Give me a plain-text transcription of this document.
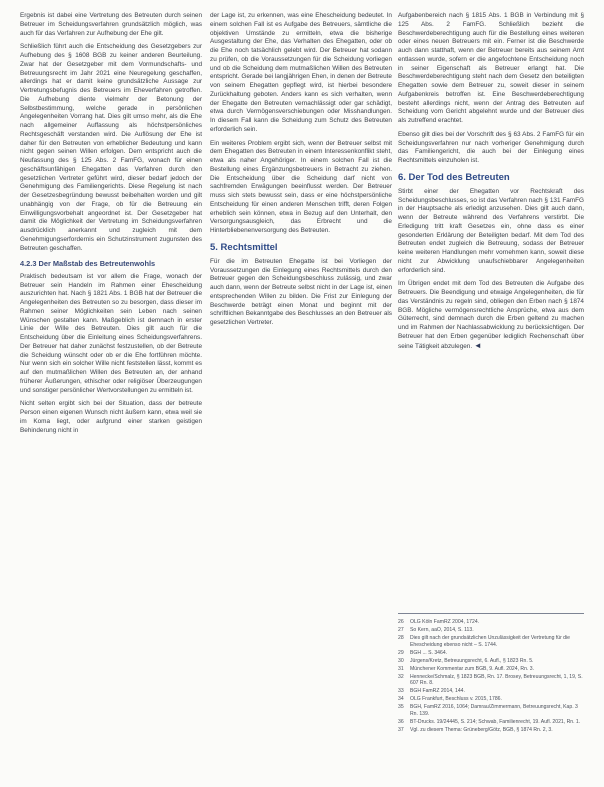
Ergebnis ist dabei eine Vertretung des Betreuten durch seinen Betreuer im Scheidungsverfahren grundsätzlich möglich, was auch für das Verfahren zur Aufhebung der Ehe gilt.

Schließlich führt auch die Entscheidung des Gesetzgebers zur Aufhebung des § 1608 BGB zu keiner anderen Beurteilung. Zwar hat der Gesetzgeber mit dem Vormundschafts- und Betreuungsrecht im Jahr 2021 eine Neuregelung geschaffen, allerdings hat er damit keine grundsätzliche Aussage zur Vertretungsbefugnis des Betreuers im Eheverfahren getroffen. Die Aufhebung diente vielmehr der Betonung der Selbstbestimmung, welche gerade in persönlichen Angelegenheiten Vorrang hat. Dies gilt umso mehr, als die Ehe nach allgemeiner Auffassung als höchstpersönliches Rechtsgeschäft verstanden wird. Die Auflösung der Ehe ist daher für den Betreuten von erheblicher Bedeutung und kann nicht gegen seinen Willen erfolgen. Dem entspricht auch die Neufassung des § 125 Abs. 2 FamFG, wonach für einen geschäftsunfähigen Ehegatten das Verfahren durch den gesetzlichen Vertreter geführt wird, dieser bedarf jedoch der Genehmigung des Familiengerichts. Diese Regelung ist nach der Gesetzesbegründung bewusst beibehalten worden und gilt unabhängig von der Frage, ob für die Betreuung ein Einwilligungsvorbehalt angeordnet ist. Der Gesetzgeber hat damit die Möglichkeit der Vertretung im Scheidungsverfahren ausdrücklich anerkannt und zugleich mit dem Genehmigungserfordernis ein Schutzinstrument zugunsten des Betreuten geschaffen.

4.2.3 Der Maßstab des Betreutenwohls

Praktisch bedeutsam ist vor allem die Frage, wonach der Betreuer sein Handeln im Rahmen einer Ehescheidung auszurichten hat. Nach § 1821 Abs. 1 BGB hat der Betreuer die Angelegenheiten des Betreuten so zu besorgen, dass dieser im Rahmen seiner Möglichkeiten sein Leben nach seinen Wünschen gestalten kann. Maßgeblich ist demnach in erster Linie der Wille des Betreuten. Dies gilt auch für die Entscheidung über die Einleitung eines Scheidungsverfahrens. Der Betreuer hat daher zunächst festzustellen, ob der Betreute die Scheidung wünscht oder ob er die Ehe fortführen möchte. Nur wenn sich ein solcher Wille nicht feststellen lässt, kommt es auf den mutmaßlichen Willen des Betreuten an, der anhand früherer Äußerungen, ethischer oder religiöser Überzeugungen und sonstiger persönlicher Wertvorstellungen zu ermitteln ist.

Nicht selten ergibt sich bei der Situation, dass der betreute Person einen eigenen Wunsch nicht äußern kann, etwa weil sie im Koma liegt, oder aufgrund einer starken geistigen Behinderung nicht in

der Lage ist, zu erkennen, was eine Ehescheidung bedeutet. In einem solchen Fall ist es Aufgabe des Betreuers, sämtliche die objektiven Umstände zu ermitteln, etwa die bisherige Ausgestaltung der Ehe, das Verhalten des Ehegatten, oder ob die Ehe noch tatsächlich gelebt wird. Der Betreuer hat sodann zu prüfen, ob die Voraussetzungen für die Scheidung vorliegen und ob die Scheidung dem mutmaßlichen Willen des Betreuten entspricht. Gerade bei langjährigen Ehen, in denen der Betreute von seinem Ehegatten gepflegt wird, ist hierbei besondere Zurückhaltung geboten. Anders kann es sich verhalten, wenn der Ehegatte den Betreuten vernachlässigt oder gar schädigt, etwa durch Vermögensverschiebungen oder Misshandlungen. In diesem Fall kann die Scheidung zum Schutz des Betreuten erforderlich sein.

Ein weiteres Problem ergibt sich, wenn der Betreuer selbst mit dem Ehegatten des Betreuten in einem Interessenkonflikt steht, etwa als naher Angehöriger. In einem solchen Fall ist die Bestellung eines Ergänzungsbetreuers in Betracht zu ziehen. Die Entscheidung über die Scheidung darf nicht von sachfremden Erwägungen beeinflusst werden. Der Betreuer muss sich stets bewusst sein, dass er eine höchstpersönliche Entscheidung für einen anderen Menschen trifft, deren Folgen erheblich sein können, etwa in Bezug auf den Unterhalt, den Versorgungsausgleich, das Erbrecht und die Hinterbliebenenversorgung des Betreuten.

5. Rechtsmittel

Für die im Betreuten Ehegatte ist bei Vorliegen der Voraussetzungen die Einlegung eines Rechtsmittels durch den Betreuer gegen den Scheidungsbeschluss zulässig, und zwar auch dann, wenn der Betreute selbst nicht in der Lage ist, einen entsprechenden Willen zu bilden. Die Frist zur Einlegung der Beschwerde beträgt einen Monat und beginnt mit der schriftlichen Bekanntgabe des Beschlusses an den Betreuer als gesetzlichen Vertreter.

Aufgabenbereich nach § 1815 Abs. 1 BGB in Verbindung mit § 125 Abs. 2 FamFG. Schließlich bezieht die Beschwerdeberechtigung auch für die Bestellung eines weiteren oder eines neuen Betreuers mit ein. Ferner ist die Beschwerde auch dann statthaft, wenn der Betreuer bereits aus seinem Amt entlassen wurde, sofern er die angefochtene Entscheidung noch in seiner Eigenschaft als Betreuer erlangt hat. Die Beschwerdeberechtigung steht nach dem Gesetz den beteiligten Ehegatten sowie dem Betreuer zu, soweit dieser in seinem Aufgabenkreis betroffen ist. Eine Beschwerdeberechtigung besteht allerdings nicht, wenn der Antrag des Betreuten auf Scheidung vom Gericht abgelehnt wurde und der Betreuer dies als zutreffend erachtet.

Ebenso gilt dies bei der Vorschrift des § 63 Abs. 2 FamFG für ein Scheidungsverfahren nur nach vorheriger Genehmigung durch das Familiengericht, die auch bei der Einlegung eines Rechtsmittels einzuholen ist.

6. Der Tod des Betreuten

Stirbt einer der Ehegatten vor Rechtskraft des Scheidungsbeschlusses, so ist das Verfahren nach § 131 FamFG in der Hauptsache als erledigt anzusehen. Dies gilt auch dann, wenn der Betreute während des Verfahrens verstirbt. Die Erledigung tritt kraft Gesetzes ein, ohne dass es einer gesonderten Erklärung der Beteiligten bedarf. Mit dem Tod des Betreuten endet zugleich die Betreuung, sodass der Betreuer keine weiteren Handlungen mehr vornehmen kann, soweit diese nicht zur Abwicklung unaufschiebbarer Angelegenheiten erforderlich sind.

Im Übrigen endet mit dem Tod des Betreuten die Aufgabe des Betreuers. Die Beendigung und etwaige Angelegenheiten, die für das Verständnis zu regeln sind, obliegen den Erben nach § 1874 BGB. Mögliche vermögensrechtliche Ansprüche, etwa aus dem Güterrecht, sind demnach durch die Erben geltend zu machen und im Rahmen der Nachlassabwicklung zu berücksichtigen. Der Betreuer hat den Erben gegenüber lediglich Rechenschaft über seine Tätigkeit abzulegen. ◄

26	OLG Köln FamRZ 2004, 1724.
27	So Kern, aaO, 2014, S. 113.
28	Dies gilt nach der grundsätzlichen Unzulässigkeit der Vertretung für die Ehescheidung ebenso nicht – S. 1744.
29	BGH ... S. 3464.
30	Jürgens/Kretz, Betreuungsrecht, 6. Aufl., § 1823 Rn. 5.
31	Münchener Kommentar zum BGB, 9. Aufl. 2024, Rn. 3.
32	Hennecke/Schmalz, § 1823 BGB, Rn. 17. Brosey, Betreuungsrecht, 1, 19, S. 607 Rn. 8.
33	BGH FamRZ 2014, 144.
34	OLG Frankfurt, Beschluss v. 2015, 1786.
35	BGH, FamRZ 2016, 1064; Damrau/Zimmermann, Betreuungsrecht, Kap. 3 Rn. 139.
36	BT-Drucks. 19/24445, S. 214; Schwab, Familienrecht, 19. Aufl. 2021, Rn. 1.
37	Vgl. zu diesem Thema: Grüneberg/Götz, BGB, § 1874 Rn. 2, 3.
